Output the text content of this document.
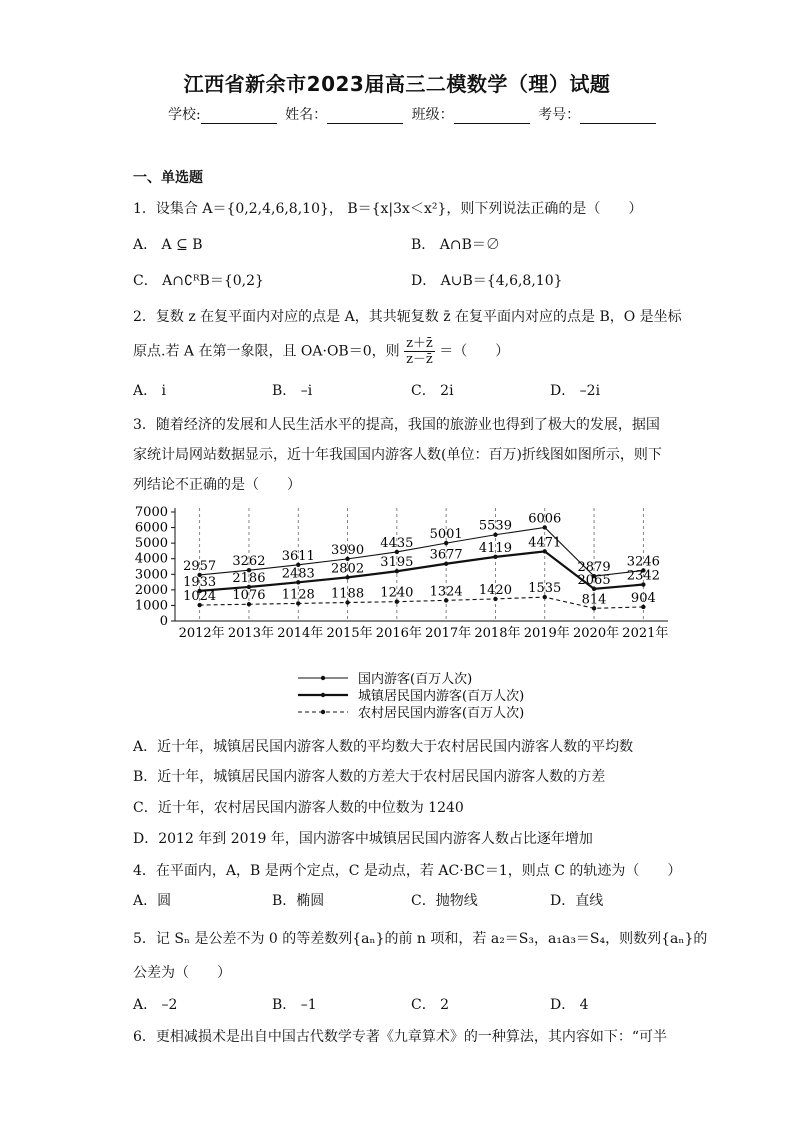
江西省新余市2023届高三二模数学（理）试题
学校:	姓名：	班级：	考号：
一、单选题
1．设集合 A＝{0,2,4,6,8,10}， B＝{x|3x＜x²}，则下列说法正确的是（　　）
A． A ⊆ B	B． A∩B＝∅
C． A∩∁ᴿB＝{0,2}	D． A∪B＝{4,6,8,10}
2．复数 z 在复平面内对应的点是 A，其共轭复数 z̄ 在复平面内对应的点是 B，O 是坐标
原点.若 A 在第一象限，且 OA·OB＝0，则 $\frac{z+z̄}{z-z̄}$ ＝（　　）
A． i	B． –i	C． 2i	D． –2i
3．随着经济的发展和人民生活水平的提高，我国的旅游业也得到了极大的发展，据国
家统计局网站数据显示，近十年我国国内游客人数(单位：百万)折线图如图所示，则下
列结论不正确的是（　　）
0
1000
2000
3000
4000
5000
6000
7000
2012年 2013年 2014年 2015年 2016年 2017年 2018年 2019年 2020年 2021年
2957 3262 3611 3990 4435
5001
5539 6006
2879 3246
1933 2186 2483 2802 3195
3677 4119 4471
2065 2342
1024 1076 1128 1188 1240 1324 1420 1535
814 904
国内游客(百万人次)
城镇居民国内游客(百万人次)
农村居民国内游客(百万人次)
A．近十年，城镇居民国内游客人数的平均数大于农村居民国内游客人数的平均数
B．近十年，城镇居民国内游客人数的方差大于农村居民国内游客人数的方差
C．近十年，农村居民国内游客人数的中位数为 1240
D．2012 年到 2019 年，国内游客中城镇居民国内游客人数占比逐年增加
4．在平面内，A，B 是两个定点，C 是动点，若 AC·BC＝1，则点 C 的轨迹为（　　）
A．圆	B．椭圆	C．抛物线	D．直线
5．记 Sₙ 是公差不为 0 的等差数列{aₙ}的前 n 项和，若 a₂＝S₃，a₁a₃＝S₄，则数列{aₙ}的
公差为（　　）
A． –2	B． –1	C． 2	D． 4
6．更相减损术是出自中国古代数学专著《九章算术》的一种算法，其内容如下：“可半
